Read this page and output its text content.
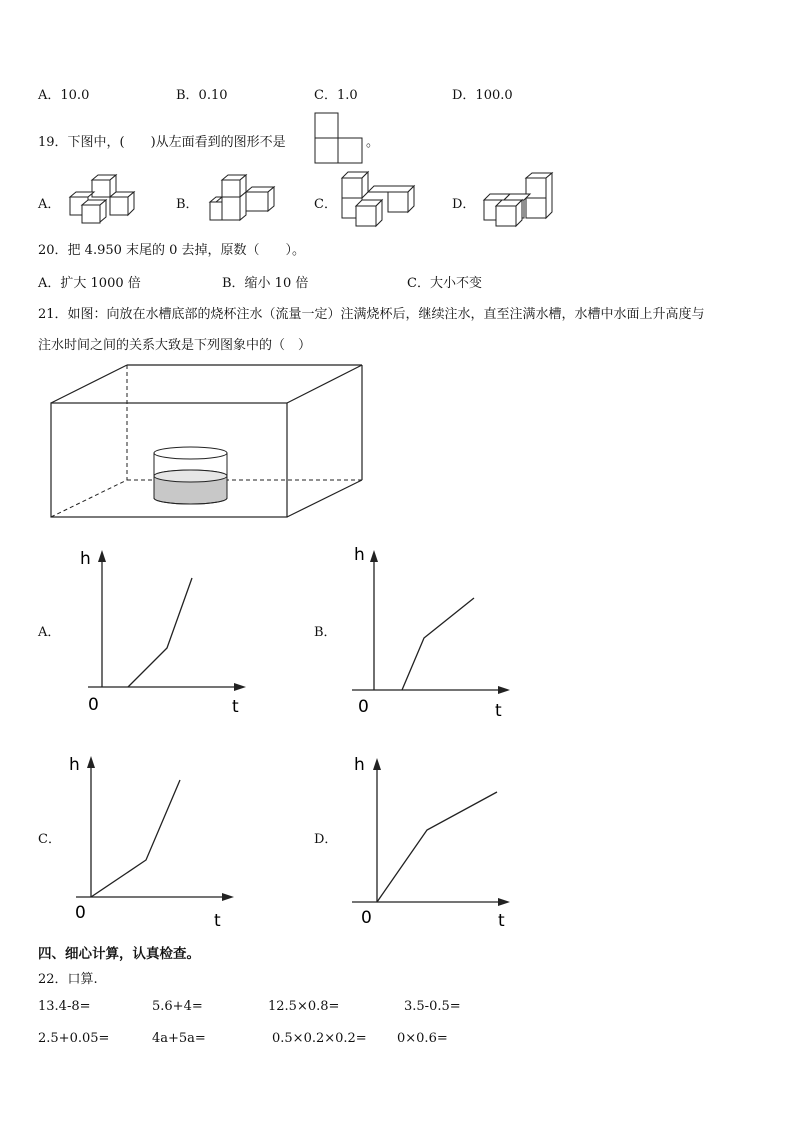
A．10.0	B．0.10	C．1.0	D．100.0
19．下图中，(　　)从左面看到的图形不是	。
A．	B．	C．	D．
20．把 4.950 末尾的 0 去掉，原数（　　）。
A．扩大 1000 倍	B．缩小 10 倍	C．大小不变
21．如图：向放在水槽底部的烧杯注水（流量一定）注满烧杯后，继续注水，直至注满水槽，水槽中水面上升高度与
注水时间之间的关系大致是下列图象中的（　）
A．	B．
C．	D．
h
0	t
h
0	t
h
0	t
h
0	t
四、细心计算，认真检查。
22．口算.
13.4-8=	5.6+4=	12.5×0.8=	3.5-0.5=
2.5+0.05=	4a+5a=	0.5×0.2×0.2= 0×0.6=
